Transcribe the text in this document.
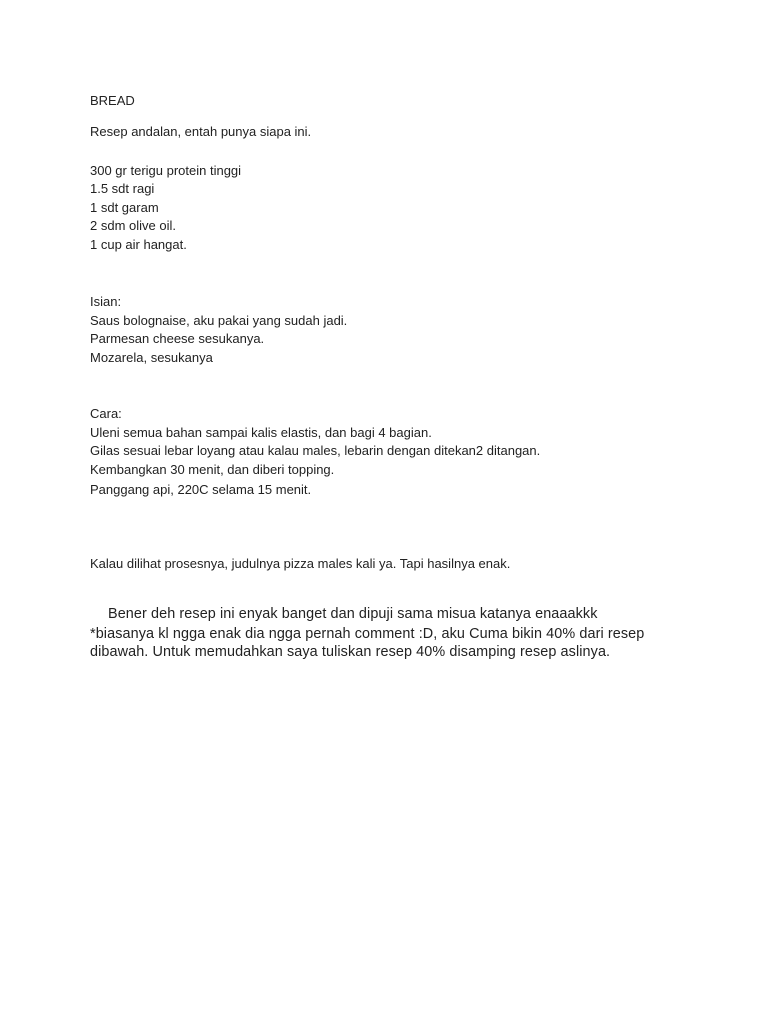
BREAD

Resep andalan, entah punya siapa ini.

300 gr terigu protein tinggi

1.5 sdt ragi

1 sdt garam

2 sdm olive oil.

1 cup air hangat.

Isian:

Saus bolognaise, aku pakai yang sudah jadi.

Parmesan cheese sesukanya.

Mozarela, sesukanya

Cara:

Uleni semua bahan sampai kalis elastis, dan bagi 4 bagian.

Gilas sesuai lebar loyang atau kalau males, lebarin dengan ditekan2 ditangan.

Kembangkan 30 menit, dan diberi topping.

Panggang api, 220C selama 15 menit.

Kalau dilihat prosesnya, judulnya pizza males kali ya. Tapi hasilnya enak.

Bener deh resep ini enyak banget dan dipuji sama misua katanya enaaakkk

*biasanya kl ngga enak dia ngga pernah comment :D, aku Cuma bikin 40% dari resep

dibawah. Untuk memudahkan saya tuliskan resep 40% disamping resep aslinya.
